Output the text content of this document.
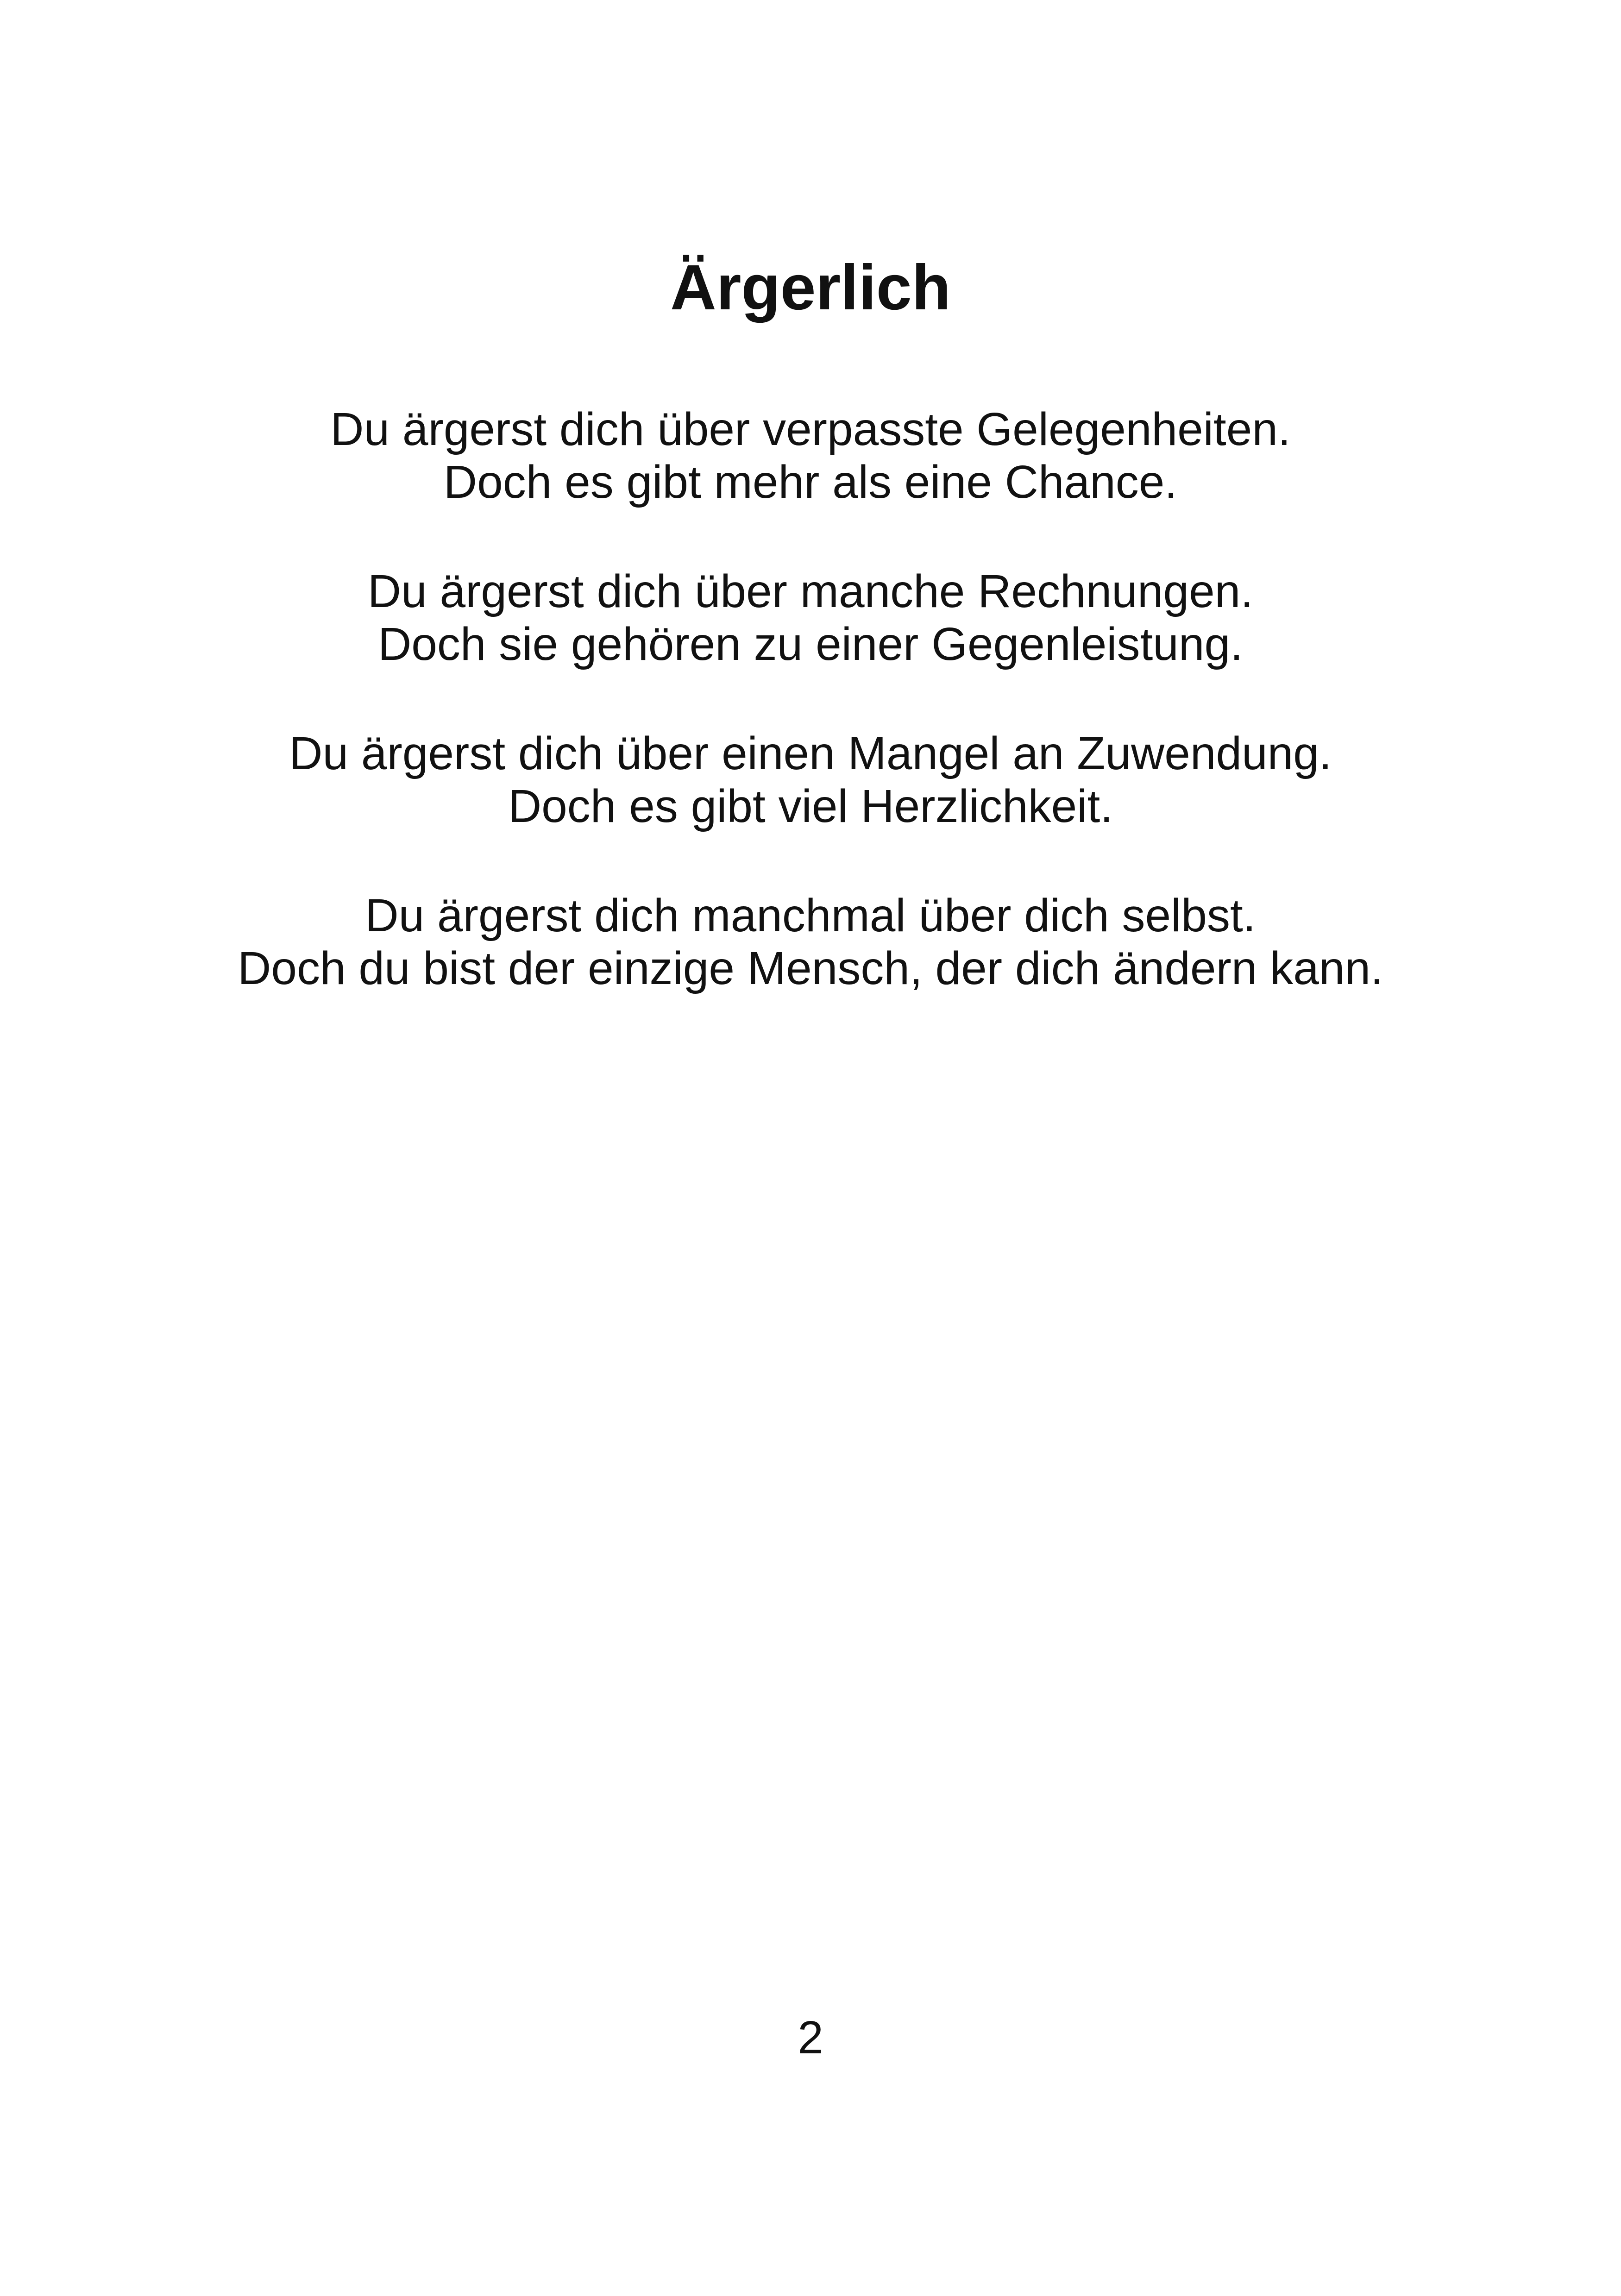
Ärgerlich
Du ärgerst dich über verpasste Gelegenheiten.
Doch es gibt mehr als eine Chance.
Du ärgerst dich über manche Rechnungen.
Doch sie gehören zu einer Gegenleistung.
Du ärgerst dich über einen Mangel an Zuwendung.
Doch es gibt viel Herzlichkeit.
Du ärgerst dich manchmal über dich selbst.
Doch du bist der einzige Mensch, der dich ändern kann.
2
